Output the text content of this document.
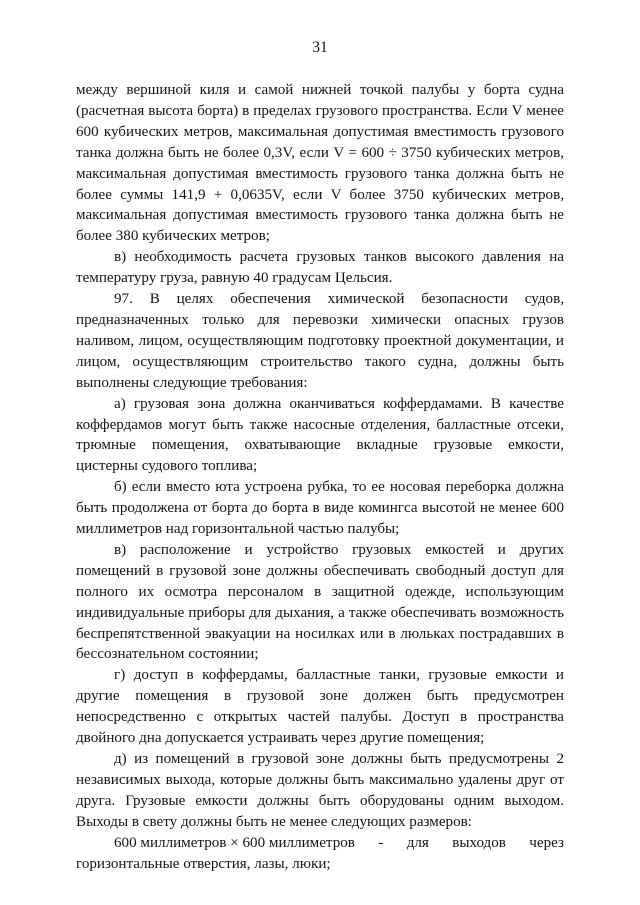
31

между вершиной киля и самой нижней точкой палубы у борта судна (расчетная высота борта) в пределах грузового пространства. Если V менее 600 кубических метров, максимальная допустимая вместимость грузового танка должна быть не более 0,3V, если V = 600 ÷ 3750 кубических метров, максимальная допустимая вместимость грузового танка должна быть не более суммы 141,9 + 0,0635V, если V более 3750 кубических метров, максимальная допустимая вместимость грузового танка должна быть не более 380 кубических метров;

в) необходимость расчета грузовых танков высокого давления на температуру груза, равную 40 градусам Цельсия.

97. В целях обеспечения химической безопасности судов, предназначенных только для перевозки химически опасных грузов наливом, лицом, осуществляющим подготовку проектной документации, и лицом, осуществляющим строительство такого судна, должны быть выполнены следующие требования:

а) грузовая зона должна оканчиваться коффердамами. В качестве коффердамов могут быть также насосные отделения, балластные отсеки, трюмные помещения, охватывающие вкладные грузовые емкости, цистерны судового топлива;

б) если вместо юта устроена рубка, то ее носовая переборка должна быть продолжена от борта до борта в виде комингса высотой не менее 600 миллиметров над горизонтальной частью палубы;

в) расположение и устройство грузовых емкостей и других помещений в грузовой зоне должны обеспечивать свободный доступ для полного их осмотра персоналом в защитной одежде, использующим индивидуальные приборы для дыхания, а также обеспечивать возможность беспрепятственной эвакуации на носилках или в люльках пострадавших в бессознательном состоянии;

г) доступ в коффердамы, балластные танки, грузовые емкости и другие помещения в грузовой зоне должен быть предусмотрен непосредственно с открытых частей палубы. Доступ в пространства двойного дна допускается устраивать через другие помещения;

д) из помещений в грузовой зоне должны быть предусмотрены 2 независимых выхода, которые должны быть максимально удалены друг от друга. Грузовые емкости должны быть оборудованы одним выходом. Выходы в свету должны быть не менее следующих размеров:

600 миллиметров × 600 миллиметров - для выходов через

горизонтальные отверстия, лазы, люки;
